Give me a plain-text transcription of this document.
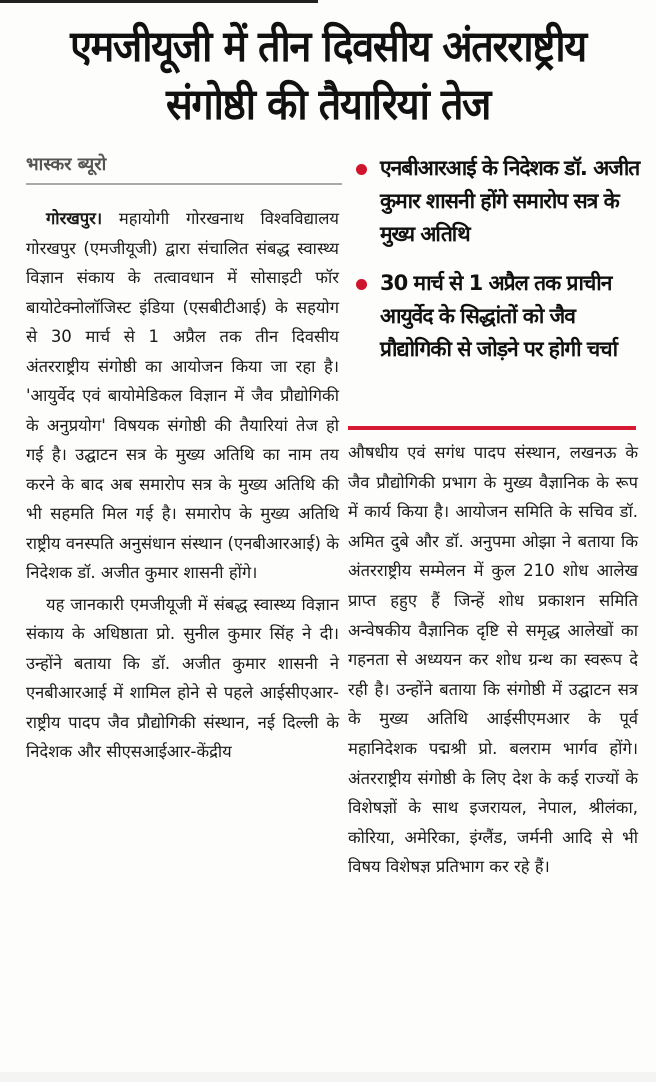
एमजीयूजी में तीन दिवसीय अंतरराष्ट्रीय
संगोष्ठी की तैयारियां तेज
भास्कर ब्यूरो	एनबीआरआई के निदेशक डॉ. अजीत कुमार शासनी होंगे समारोप सत्र के मुख्य अतिथि
30 मार्च से 1 अप्रैल तक प्राचीन आयुर्वेद के सिद्धांतों को जैव प्रौद्योगिकी से जोड़ने पर होगी चर्चा

गोरखपुर। महायोगी गोरखनाथ विश्वविद्यालय गोरखपुर (एमजीयूजी) द्वारा संचालित संबद्ध स्वास्थ्य विज्ञान संकाय के तत्वावधान में सोसाइटी फॉर बायोटेक्नोलॉजिस्ट इंडिया (एसबीटीआई) के सहयोग से 30 मार्च से 1 अप्रैल तक तीन दिवसीय अंतरराष्ट्रीय संगोष्ठी का आयोजन किया जा रहा है। 'आयुर्वेद एवं बायोमेडिकल विज्ञान में जैव प्रौद्योगिकी के अनुप्रयोग' विषयक संगोष्ठी की तैयारियां तेज हो गई है। उद्घाटन सत्र के मुख्य अतिथि का नाम तय करने के बाद अब समारोप सत्र के मुख्य अतिथि की भी सहमति मिल गई है। समारोप के मुख्य अतिथि राष्ट्रीय वनस्पति अनुसंधान संस्थान (एनबीआरआई) के निदेशक डॉ. अजीत कुमार शासनी होंगे।

यह जानकारी एमजीयूजी में संबद्ध स्वास्थ्य विज्ञान संकाय के अधिष्ठाता प्रो. सुनील कुमार सिंह ने दी। उन्होंने बताया कि डॉ. अजीत कुमार शासनी ने एनबीआरआई में शामिल होने से पहले आईसीएआर-राष्ट्रीय पादप जैव प्रौद्योगिकी संस्थान, नई दिल्ली के निदेशक और सीएसआईआर-केंद्रीय

औषधीय एवं सगंध पादप संस्थान, लखनऊ के जैव प्रौद्योगिकी प्रभाग के मुख्य वैज्ञानिक के रूप में कार्य किया है। आयोजन समिति के सचिव डॉ. अमित दुबे और डॉ. अनुपमा ओझा ने बताया कि अंतरराष्ट्रीय सम्मेलन में कुल 210 शोध आलेख प्राप्त हहुए हैं जिन्हें शोध प्रकाशन समिति अन्वेषकीय वैज्ञानिक दृष्टि से समृद्ध आलेखों का गहनता से अध्ययन कर शोध ग्रन्थ का स्वरूप दे रही है। उन्होंने बताया कि संगोष्ठी में उद्घाटन सत्र के मुख्य अतिथि आईसीएमआर के पूर्व महानिदेशक पद्मश्री प्रो. बलराम भार्गव होंगे। अंतरराष्ट्रीय संगोष्ठी के लिए देश के कई राज्यों के विशेषज्ञों के साथ इजरायल, नेपाल, श्रीलंका, कोरिया, अमेरिका, इंग्लैंड, जर्मनी आदि से भी विषय विशेषज्ञ प्रतिभाग कर रहे हैं।
